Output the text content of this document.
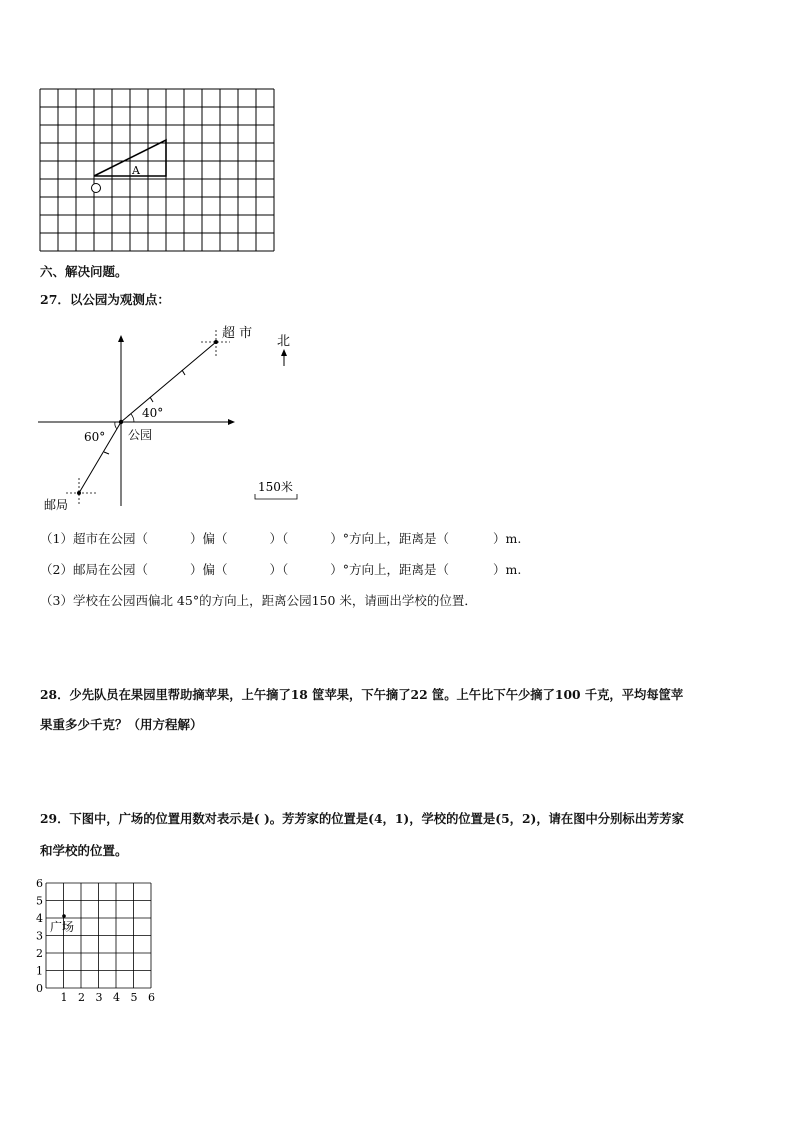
A
六、解决问题。
27．以公园为观测点：
超 市
北
40°
60° 公园
邮局
150米
（1）超市在公园（	）偏（	）（	）°方向上，距离是（	）m.
（2）邮局在公园（	）偏（	）（	）°方向上，距离是（	）m.
（3）学校在公园西偏北 45°的方向上，距离公园150 米，请画出学校的位置．
28．少先队员在果园里帮助摘苹果，上午摘了18 筐苹果，下午摘了22 筐。上午比下午少摘了100 千克，平均每筐苹
果重多少千克？（用方程解）
29．下图中，广场的位置用数对表示是( )。芳芳家的位置是(4，1)，学校的位置是(5，2)，请在图中分别标出芳芳家
和学校的位置。
0
1
2
3
4
5
6
1 2 3 4 5 6
广场
